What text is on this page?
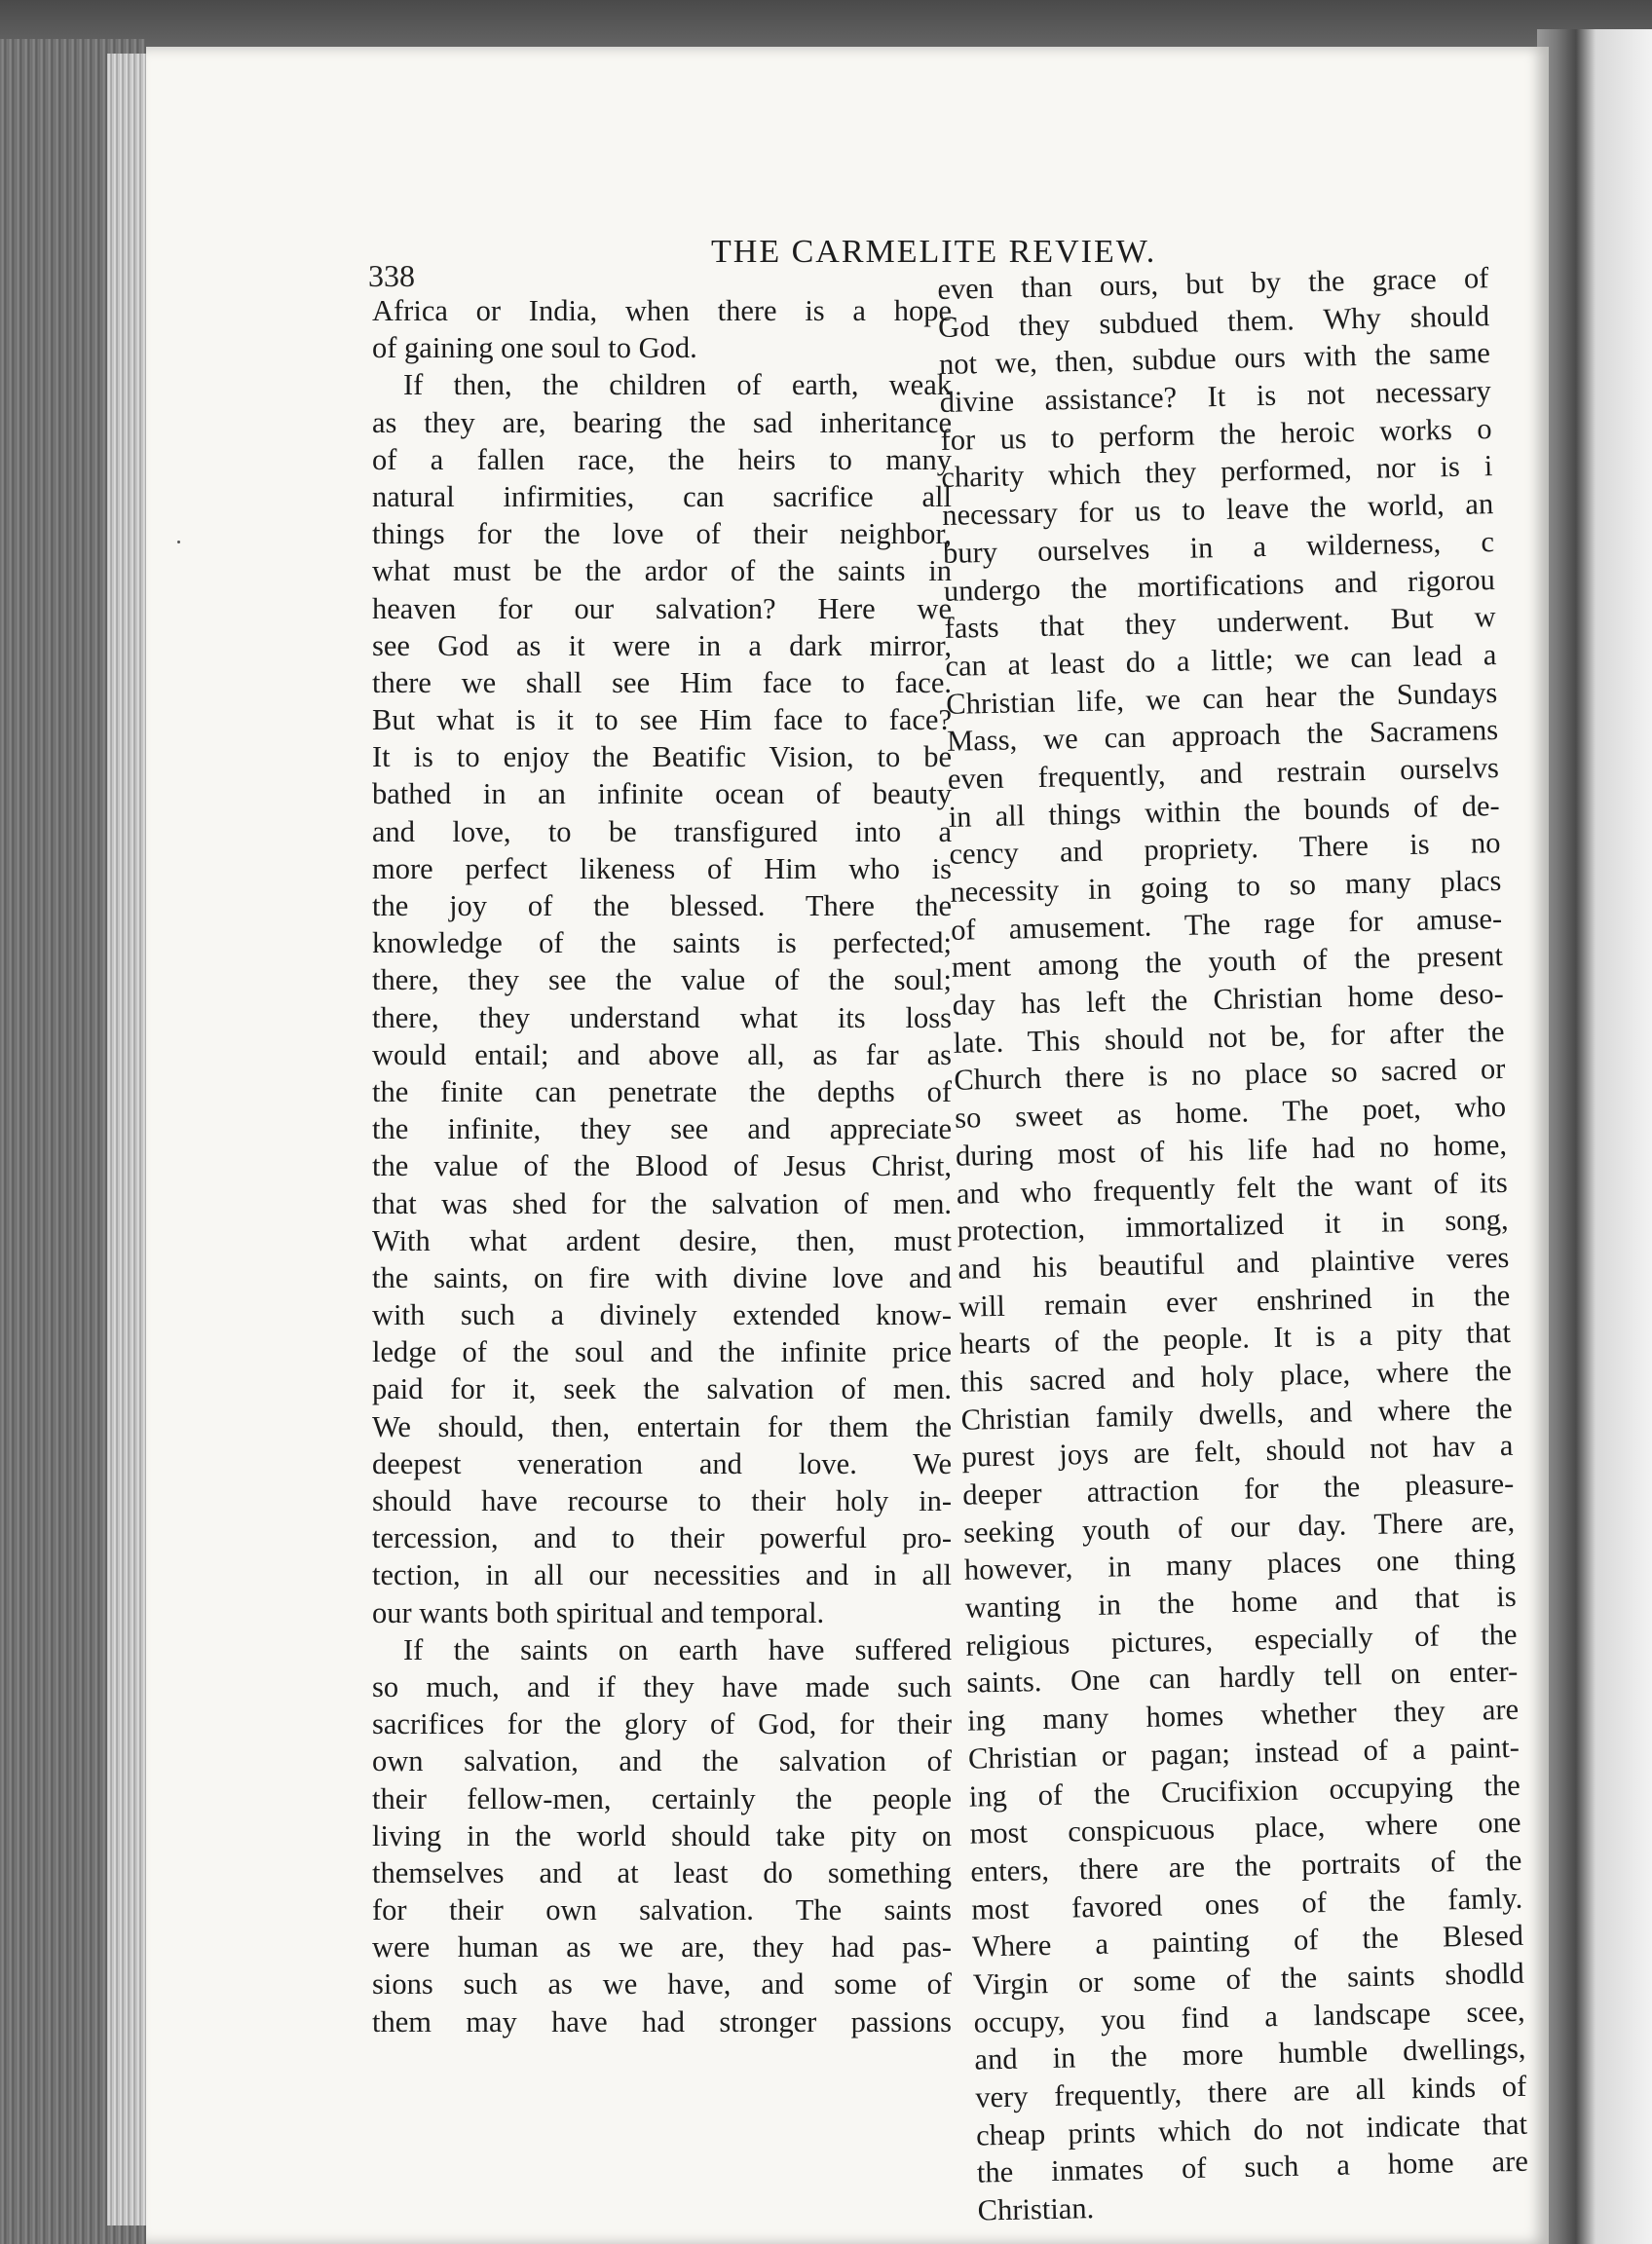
338
THE CARMELITE REVIEW.
Africa or India, when there is a hope
of gaining one soul to God.
If then, the children of earth, weak
as they are, bearing the sad inheritance
of a fallen race, the heirs to many
natural infirmities, can sacrifice all
things for the love of their neighbor,
what must be the ardor of the saints in
heaven for our salvation? Here we
see God as it were in a dark mirror,
there we shall see Him face to face.
But what is it to see Him face to face?
It is to enjoy the Beatific Vision, to be
bathed in an infinite ocean of beauty
and love, to be transfigured into a
more perfect likeness of Him who is
the joy of the blessed. There the
knowledge of the saints is perfected;
there, they see the value of the soul;
there, they understand what its loss
would entail; and above all, as far as
the finite can penetrate the depths of
the infinite, they see and appreciate
the value of the Blood of Jesus Christ,
that was shed for the salvation of men.
With what ardent desire, then, must
the saints, on fire with divine love and
with such a divinely extended know-
ledge of the soul and the infinite price
paid for it, seek the salvation of men.
We should, then, entertain for them the
deepest veneration and love. We
should have recourse to their holy in-
tercession, and to their powerful pro-
tection, in all our necessities and in all
our wants both spiritual and temporal.
If the saints on earth have suffered
so much, and if they have made such
sacrifices for the glory of God, for their
own salvation, and the salvation of
their fellow-men, certainly the people
living in the world should take pity on
themselves and at least do something
for their own salvation. The saints
were human as we are, they had pas-
sions such as we have, and some of
them may have had stronger passions
even than ours, but by the grace of
God they subdued them. Why should
not we, then, subdue ours with the same
divine assistance? It is not necessary
for us to perform the heroic works o
charity which they performed, nor is i
necessary for us to leave the world, an
bury ourselves in a wilderness, c
undergo the mortifications and rigorou
fasts that they underwent. But w
can at least do a little; we can lead a
Christian life, we can hear the Sundays
Mass, we can approach the Sacramens
even frequently, and restrain ourselvs
in all things within the bounds of de-
cency and propriety. There is no
necessity in going to so many placs
of amusement. The rage for amuse-
ment among the youth of the present
day has left the Christian home deso-
late. This should not be, for after the
Church there is no place so sacred or
so sweet as home. The poet, who
during most of his life had no home,
and who frequently felt the want of its
protection, immortalized it in song,
and his beautiful and plaintive veres
will remain ever enshrined in the
hearts of the people. It is a pity that
this sacred and holy place, where the
Christian family dwells, and where the
purest joys are felt, should not hav a
deeper attraction for the pleasure-
seeking youth of our day. There are,
however, in many places one thing
wanting in the home and that is
religious pictures, especially of the
saints. One can hardly tell on enter-
ing many homes whether they are
Christian or pagan; instead of a paint-
ing of the Crucifixion occupying the
most conspicuous place, where one
enters, there are the portraits of the
most favored ones of the famly.
Where a painting of the Blesed
Virgin or some of the saints shodld
occupy, you find a landscape scee,
and in the more humble dwellings,
very frequently, there are all kinds of
cheap prints which do not indicate that
the inmates of such a home are
Christian.
